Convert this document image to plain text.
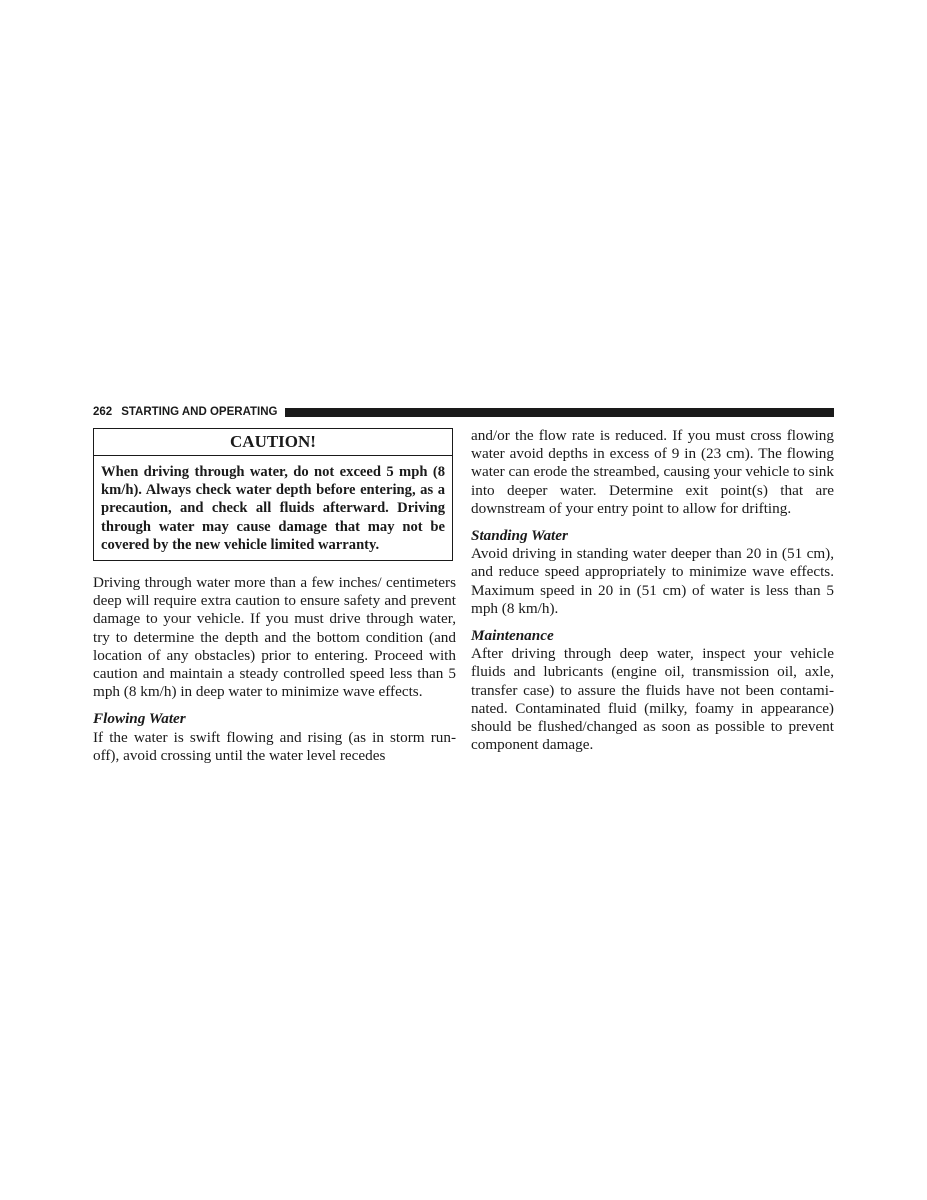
262 STARTING AND OPERATING
CAUTION!
When driving through water, do not exceed 5 mph (8 km/h). Always check water depth before entering, as a precaution, and check all fluids afterward. Driving through water may cause damage that may not be covered by the new vehicle limited warranty.

Driving through water more than a few inches/ centimeters deep will require extra caution to ensure safety and prevent damage to your vehicle. If you must drive through water, try to determine the depth and the bottom condition (and location of any obstacles) prior to entering. Proceed with caution and maintain a steady controlled speed less than 5 mph (8 km/h) in deep water to minimize wave effects.

Flowing Water

If the water is swift flowing and rising (as in storm run-off), avoid crossing until the water level recedes

and/or the flow rate is reduced. If you must cross flowing water avoid depths in excess of 9 in (23 cm). The flowing water can erode the streambed, causing your vehicle to sink into deeper water. Determine exit point(s) that are downstream of your entry point to allow for drifting.

Standing Water

Avoid driving in standing water deeper than 20 in (51 cm), and reduce speed appropriately to minimize wave effects. Maximum speed in 20 in (51 cm) of water is less than 5 mph (8 km/h).

Maintenance

After driving through deep water, inspect your vehicle fluids and lubricants (engine oil, transmission oil, axle, transfer case) to assure the fluids have not been contaminated. Contaminated fluid (milky, foamy in appearance) should be flushed/changed as soon as possible to prevent component damage.
